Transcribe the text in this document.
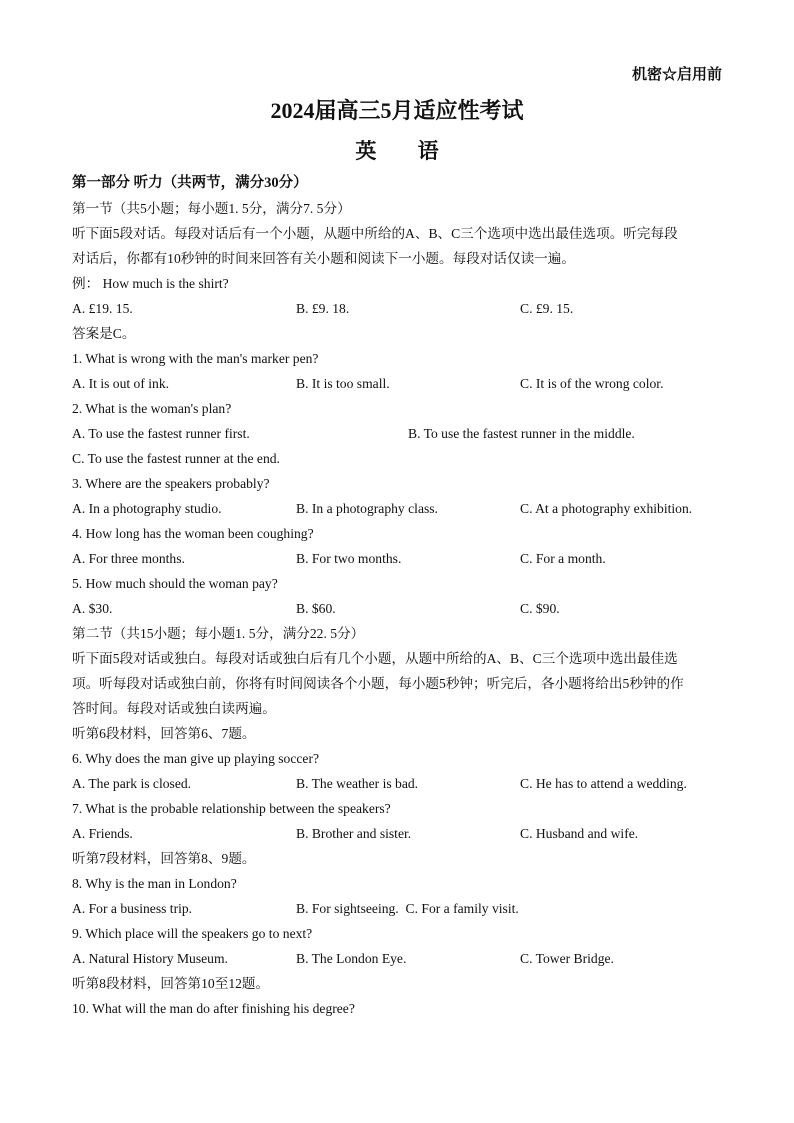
机密☆启用前
2024届高三5月适应性考试
英 语
第一部分 听力（共两节，满分30分）
第一节（共5小题；每小题1. 5分，满分7. 5分）
听下面5段对话。每段对话后有一个小题，从题中所给的A、B、C三个选项中选出最佳选项。听完每段
对话后，你都有10秒钟的时间来回答有关小题和阅读下一小题。每段对话仅读一遍。
例： How much is the shirt?
A. £19. 15.	B. £9. 18.	C. £9. 15.
答案是C。
1. What is wrong with the man's marker pen?
A. It is out of ink.	B. It is too small.	C. It is of the wrong color.
2. What is the woman's plan?
A. To use the fastest runner first.	B. To use the fastest runner in the middle.
C. To use the fastest runner at the end.
3. Where are the speakers probably?
A. In a photography studio.	B. In a photography class.	C. At a photography exhibition.
4. How long has the woman been coughing?
A. For three months.	B. For two months.	C. For a month.
5. How much should the woman pay?
A. $30.	B. $60.	C. $90.
第二节（共15小题；每小题1. 5分，满分22. 5分）
听下面5段对话或独白。每段对话或独白后有几个小题，从题中所给的A、B、C三个选项中选出最佳选
项。听每段对话或独白前，你将有时间阅读各个小题，每小题5秒钟；听完后，各小题将给出5秒钟的作
答时间。每段对话或独白读两遍。
听第6段材料，回答第6、7题。
6. Why does the man give up playing soccer?
A. The park is closed.	B. The weather is bad.	C. He has to attend a wedding.
7. What is the probable relationship between the speakers?
A. Friends.	B. Brother and sister.	C. Husband and wife.
听第7段材料，回答第8、9题。
8. Why is the man in London?
A. For a business trip.	B. For sightseeing. C. For a family visit.
9. Which place will the speakers go to next?
A. Natural History Museum.	B. The London Eye.	C. Tower Bridge.
听第8段材料，回答第10至12题。
10. What will the man do after finishing his degree?
